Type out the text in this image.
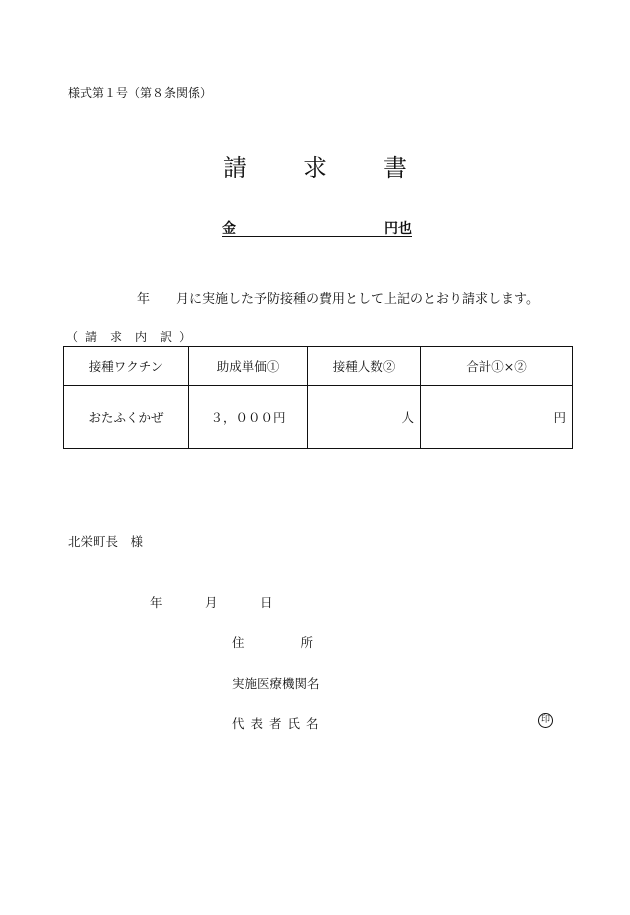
様式第１号（第８条関係）
請 求 書
金	円也
年 月に実施した予防接種の費用として上記のとおり請求します。
（ 請 求 内 訳 ）
接種ワクチン	助成単価①	接種人数②	合計①×②
おたふくかぜ	３，０００円	人	円
北栄町長　様
年	月	日
住	所
実施医療機関名
代表者氏名	印
